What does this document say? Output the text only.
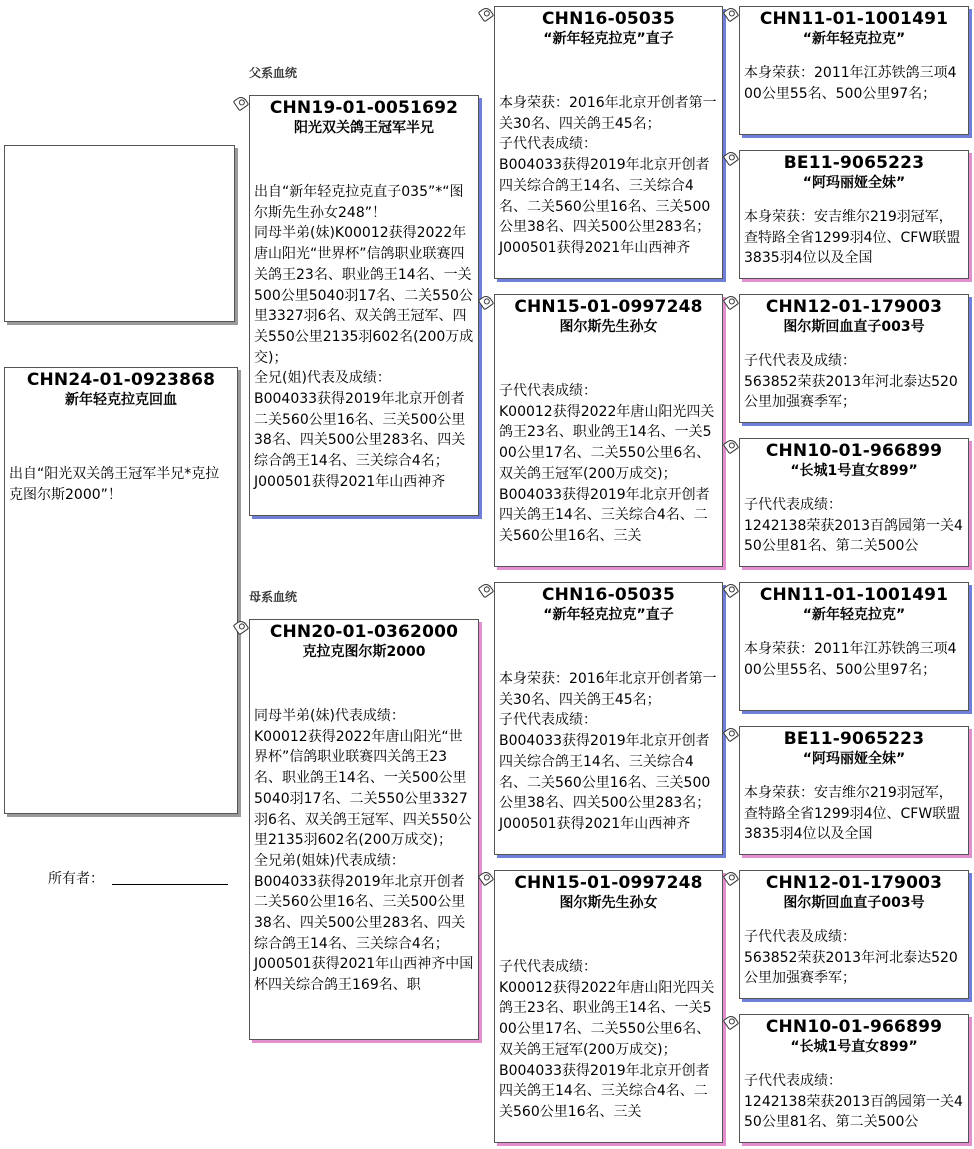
CHN24-01-0923868
新年轻克拉克回血
出自“阳光双关鸽王冠军半兄*克拉克图尔斯2000”！
所有者：
父系血统
母系血统
CHN19-01-0051692
阳光双关鸽王冠军半兄
出自“新年轻克拉克直子035”*“图尔斯先生孙女248”！
同母半弟(妹)K00012获得2022年唐山阳光“世界杯”信鸽职业联赛四关鸽王23名、职业鸽王14名、一关500公里5040羽17名、二关550公里3327羽6名、双关鸽王冠军、四关550公里2135羽602名(200万成交)；
全兄(姐)代表及成绩：
B004033获得2019年北京开创者二关560公里16名、三关500公里38名、四关500公里283名、四关综合鸽王14名、三关综合4名；
J000501获得2021年山西神齐
CHN20-01-0362000
克拉克图尔斯2000
同母半弟(妹)代表成绩：
K00012获得2022年唐山阳光“世界杯”信鸽职业联赛四关鸽王23名、职业鸽王14名、一关500公里5040羽17名、二关550公里3327羽6名、双关鸽王冠军、四关550公里2135羽602名(200万成交)；
全兄弟(姐妹)代表成绩：
B004033获得2019年北京开创者二关560公里16名、三关500公里38名、四关500公里283名、四关综合鸽王14名、三关综合4名；
J000501获得2021年山西神齐中国杯四关综合鸽王169名、职
CHN16-05035
“新年轻克拉克”直子
本身荣获：2016年北京开创者第一关30名、四关鸽王45名；
子代代表成绩：
B004033获得2019年北京开创者四关综合鸽王14名、三关综合4名、二关560公里16名、三关500公里38名、四关500公里283名；
J000501获得2021年山西神齐
CHN15-01-0997248
图尔斯先生孙女
子代代表成绩：
K00012获得2022年唐山阳光四关鸽王23名、职业鸽王14名、一关500公里17名、二关550公里6名、双关鸽王冠军(200万成交)；
B004033获得2019年北京开创者四关鸽王14名、三关综合4名、二关560公里16名、三关
CHN16-05035
“新年轻克拉克”直子
本身荣获：2016年北京开创者第一关30名、四关鸽王45名；
子代代表成绩：
B004033获得2019年北京开创者四关综合鸽王14名、三关综合4名、二关560公里16名、三关500公里38名、四关500公里283名；
J000501获得2021年山西神齐
CHN15-01-0997248
图尔斯先生孙女
子代代表成绩：
K00012获得2022年唐山阳光四关鸽王23名、职业鸽王14名、一关500公里17名、二关550公里6名、双关鸽王冠军(200万成交)；
B004033获得2019年北京开创者四关鸽王14名、三关综合4名、二关560公里16名、三关
CHN11-01-1001491
“新年轻克拉克”
本身荣获：2011年江苏铁鸽三项400公里55名、500公里97名；
BE11-9065223
“阿玛丽娅全妹”
本身荣获：安吉维尔219羽冠军，查特路全省1299羽4位、CFW联盟3835羽4位以及全国
CHN12-01-179003
图尔斯回血直子003号
子代代表及成绩：
563852荣获2013年河北泰达520公里加强赛季军；
CHN10-01-966899
“长城1号直女899”
子代代表成绩：
1242138荣获2013百鸽园第一关450公里81名、第二关500公
CHN11-01-1001491
“新年轻克拉克”
本身荣获：2011年江苏铁鸽三项400公里55名、500公里97名；
BE11-9065223
“阿玛丽娅全妹”
本身荣获：安吉维尔219羽冠军，查特路全省1299羽4位、CFW联盟3835羽4位以及全国
CHN12-01-179003
图尔斯回血直子003号
子代代表及成绩：
563852荣获2013年河北泰达520公里加强赛季军；
CHN10-01-966899
“长城1号直女899”
子代代表成绩：
1242138荣获2013百鸽园第一关450公里81名、第二关500公
